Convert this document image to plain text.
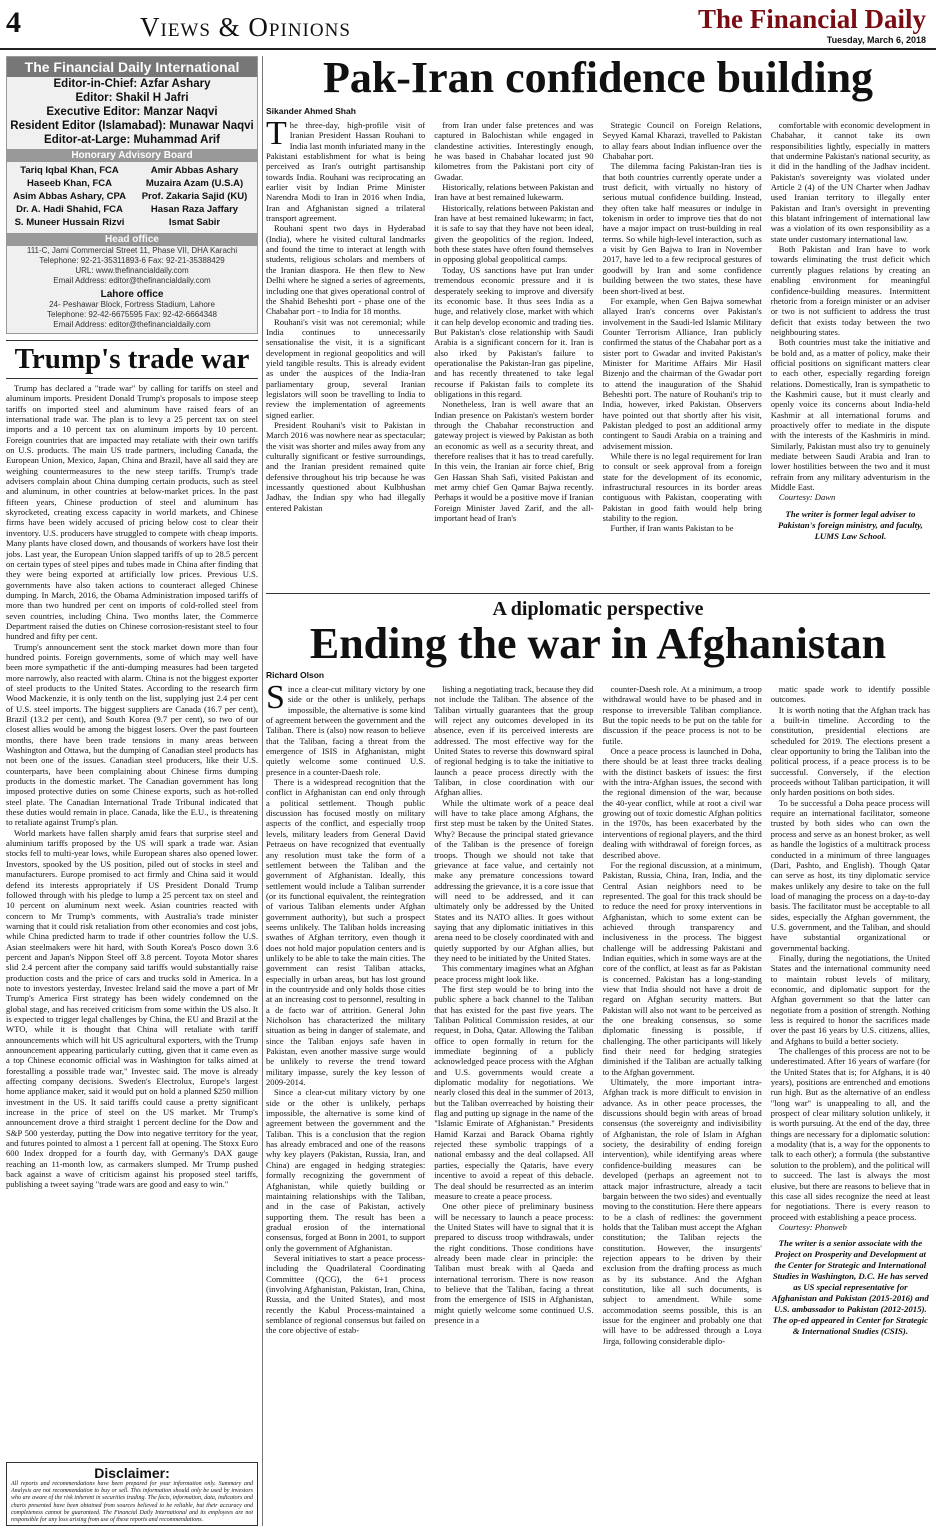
4	Views & Opinions	The Financial Daily
Tuesday, March 6, 2018
The Financial Daily International
Editor-in-Chief: Azfar Ashary
Editor: Shakil H Jafri
Executive Editor: Manzar Naqvi
Resident Editor (Islamabad): Munawar Naqvi
Editor-at-Large: Muhammad Arif
Honorary Advisory Board
Tariq Iqbal Khan, FCA	Amir Abbas Ashary
Haseeb Khan, FCA	Muzaira Azam (U.S.A)
Asim Abbas Ashary, CPA	Prof. Zakaria Sajid (KU)
Dr. A. Hadi Shahid, FCA	Hasan Raza Jaffary
S. Muneer Hussain Rizvi	Ismat Sabir
Head office
111-C, Jami Commercial Street 11, Phase VII, DHA Karachi
Telephone: 92-21-35311893-6 Fax: 92-21-35388429
URL: www.thefinancialdaily.com
Email Address: editor@thefinancialdaily.com
Lahore office
24- Peshawar Block, Fortress Stadium, Lahore
Telephone: 92-42-6675595 Fax: 92-42-6664348
Email Address: editor@thefinancialdaily.com
Trump's trade war

Trump has declared a "trade war" by calling for tariffs on steel and aluminum imports. President Donald Trump's proposals to impose steep tariffs on imported steel and aluminum have raised fears of an international trade war. The plan is to levy a 25 percent tax on steel imports and a 10 percent tax on aluminum imports by 10 percent. Foreign countries that are impacted may retaliate with their own tariffs on U.S. products. The main US trade partners, including Canada, the European Union, Mexico, Japan, China and Brazil, have all said they are weighing countermeasures to the new steep tariffs. Trump's trade advisers complain about China dumping certain products, such as steel and aluminum, in other countries at below-market prices. In the past fifteen years, Chinese production of steel and aluminum has skyrocketed, creating excess capacity in world markets, and Chinese firms have been widely accused of pricing below cost to clear their inventory. U.S. producers have struggled to compete with cheap imports. Many plants have closed down, and thousands of workers have lost their jobs. Last year, the European Union slapped tariffs of up to 28.5 percent on certain types of steel pipes and tubes made in China after finding that they were being exported at artificially low prices. Previous U.S. governments have also taken actions to counteract alleged Chinese dumping. In March, 2016, the Obama Administration imposed tariffs of more than two hundred per cent on imports of cold-rolled steel from seven countries, including China. Two months later, the Commerce Department raised the duties on Chinese corrosion-resistant steel to four hundred and fifty per cent.

Trump's announcement sent the stock market down more than four hundred points. Foreign governments, some of which may well have been more sympathetic if the anti-dumping measures had been targeted more narrowly, also reacted with alarm. China is not the biggest exporter of steel products to the United States. According to the research firm Wood Mackenzie, it is only tenth on the list, supplying just 2.4 per cent of U.S. steel imports. The biggest suppliers are Canada (16.7 per cent), Brazil (13.2 per cent), and South Korea (9.7 per cent), so two of our closest allies would be among the biggest losers. Over the past fourteen months, there have been trade tensions in many areas between Washington and Ottawa, but the dumping of Canadian steel products has not been one of the issues. Canadian steel producers, like their U.S. counterparts, have been complaining about Chinese firms dumping products in the domestic market. The Canadian government has long imposed protective duties on some Chinese exports, such as hot-rolled steel plate. The Canadian International Trade Tribunal indicated that these duties would remain in place. Canada, like the E.U., is threatening to retaliate against Trump's plan.

World markets have fallen sharply amid fears that surprise steel and aluminium tariffs proposed by the US will spark a trade war. Asian stocks fell to multi-year lows, while European shares also opened lower. Investors, spooked by the US position, piled out of stocks in steel and manufacturers. Europe promised to act firmly and China said it would defend its interests appropriately if US President Donald Trump followed through with his pledge to lump a 25 percent tax on steel and 10 percent on aluminum next week. Asian countries reacted with concern to Mr Trump's comments, with Australia's trade minister warning that it could risk retaliation from other economies and cost jobs, while China predicted harm to trade if other countries follow the U.S. Asian steelmakers were hit hard, with South Korea's Posco down 3.6 percent and Japan's Nippon Steel off 3.8 percent. Toyota Motor shares slid 2.4 percent after the company said tariffs would substantially raise production costs and the price of cars and trucks sold in America. In a note to investors yesterday, Investec Ireland said the move a part of Mr Trump's America First strategy has been widely condemned on the global stage, and has received criticism from some within the US also. It is expected to trigger legal challenges by China, the EU and Brazil at the WTO, while it is thought that China will retaliate with tariff announcements which will hit US agricultural exporters, with the Trump announcement appearing particularly cutting, given that it came even as a top Chinese economic official was in Washington for talks aimed at forestalling a possible trade war," Investec said. The move is already affecting company decisions. Sweden's Electrolux, Europe's largest home appliance maker, said it would put on hold a planned $250 million investment in the US. It said tariffs could cause a pretty significant increase in the price of steel on the US market. Mr Trump's announcement drove a third straight 1 percent decline for the Dow and S&P 500 yesterday, putting the Dow into negative territory for the year, and futures pointed to almost a 1 percent fall at opening. The Stoxx Euro 600 Index dropped for a fourth day, with Germany's DAX gauge reaching an 11-month low, as carmakers slumped. Mr Trump pushed back against a wave of criticism against his proposed steel tariffs, publishing a tweet saying "trade wars are good and easy to win."

Disclaimer:
All reports and recommendations have been prepared for your information only. Summary and Analysis are not recommendation to buy or sell. This information should only be used by investors who are aware of the risk inherent in securities trading. The facts, information, data, indicators and charts presented have been obtained from sources believed to be reliable, but their accuracy and completeness cannot be guaranteed. The Financial Daily International and its employees are not responsible for any loss arising from use of these reports and recommendations.
Pak-Iran confidence building
Sikander Ahmed Shah

The three-day, high-profile visit of Iranian President Hassan Rouhani to India last month infuriated many in the Pakistani establishment for what is being perceived as Iran's outright partisanship towards India. Rouhani was reciprocating an earlier visit by Indian Prime Minister Narendra Modi to Iran in 2016 when India, Iran and Afghanistan signed a trilateral transport agreement.

Rouhani spent two days in Hyderabad (India), where he visited cultural landmarks and found the time to interact at length with students, religious scholars and members of the Iranian diaspora. He then flew to New Delhi where he signed a series of agreements, including one that gives operational control of the Shahid Beheshti port - phase one of the Chabahar port - to India for 18 months.

Rouhani's visit was not ceremonial; while India continues to unnecessarily sensationalise the visit, it is a significant development in regional geopolitics and will yield tangible results. This is already evident as under the auspices of the India-Iran parliamentary group, several Iranian legislators will soon be travelling to India to review the implementation of agreements signed earlier.

President Rouhani's visit to Pakistan in March 2016 was nowhere near as spectacular; the visit was shorter and miles away from any culturally significant or festive surroundings, and the Iranian president remained quite defensive throughout his trip because he was incessantly questioned about Kulbhushan Jadhav, the Indian spy who had illegally entered Pakistan

from Iran under false pretences and was captured in Balochistan while engaged in clandestine activities. Interestingly enough, he was based in Chabahar located just 90 kilometres from the Pakistani port city of Gwadar.

Historically, relations between Pakistan and Iran have at best remained lukewarm.

Historically, relations between Pakistan and Iran have at best remained lukewarm; in fact, it is safe to say that they have not been ideal, given the geopolitics of the region. Indeed, both these states have often found themselves in opposing global geopolitical camps.

Today, US sanctions have put Iran under tremendous economic pressure and it is desperately seeking to improve and diversify its economic base. It thus sees India as a huge, and relatively close, market with which it can help develop economic and trading ties. But Pakistan's close relationship with Saudi Arabia is a significant concern for it. Iran is also irked by Pakistan's failure to operationalise the Pakistan-Iran gas pipeline, and has recently threatened to take legal recourse if Pakistan fails to complete its obligations in this regard.

Nonetheless, Iran is well aware that an Indian presence on Pakistan's western border through the Chabahar reconstruction and gateway project is viewed by Pakistan as both an economic as well as a security threat, and therefore realises that it has to tread carefully. In this vein, the Iranian air force chief, Brig Gen Hassan Shah Safi, visited Pakistan and met army chief Gen Qamar Bajwa recently. Perhaps it would be a positive move if Iranian Foreign Minister Javed Zarif, and the all-important head of Iran's

Strategic Council on Foreign Relations, Seyyed Kamal Kharazi, travelled to Pakistan to allay fears about Indian influence over the Chabahar port.

The dilemma facing Pakistan-Iran ties is that both countries currently operate under a trust deficit, with virtually no history of serious mutual confidence building. Instead, they often take half measures or indulge in tokenism in order to improve ties that do not have a major impact on trust-building in real terms. So while high-level interaction, such as a visit by Gen Bajwa to Iran in November 2017, have led to a few reciprocal gestures of goodwill by Iran and some confidence building between the two states, these have been short-lived at best.

For example, when Gen Bajwa somewhat allayed Iran's concerns over Pakistan's involvement in the Saudi-led Islamic Military Counter Terrorism Alliance, Iran publicly confirmed the status of the Chabahar port as a sister port to Gwadar and invited Pakistan's Minister for Maritime Affairs Mir Hasil Bizenjo and the chairman of the Gwadar port to attend the inauguration of the Shahid Beheshti port. The nature of Rouhani's trip to India, however, irked Pakistan. Observers have pointed out that shortly after his visit, Pakistan pledged to post an additional army contingent to Saudi Arabia on a training and advisement mission.

While there is no legal requirement for Iran to consult or seek approval from a foreign state for the development of its economic, infrastructural resources in its border areas contiguous with Pakistan, cooperating with Pakistan in good faith would help bring stability to the region.

Further, if Iran wants Pakistan to be

comfortable with economic development in Chabahar, it cannot take its own responsibilities lightly, especially in matters that undermine Pakistan's national security, as it did in the handling of the Jadhav incident. Pakistan's sovereignty was violated under Article 2 (4) of the UN Charter when Jadhav used Iranian territory to illegally enter Pakistan and Iran's oversight in preventing this blatant infringement of international law was a violation of its own responsibility as a state under customary international law.

Both Pakistan and Iran have to work towards eliminating the trust deficit which currently plagues relations by creating an enabling environment for meaningful confidence-building measures. Intermittent rhetoric from a foreign minister or an adviser or two is not sufficient to address the trust deficit that exists today between the two neighbouring states.

Both countries must take the initiative and be bold and, as a matter of policy, make their official positions on significant matters clear to each other, especially regarding foreign relations. Domestically, Iran is sympathetic to the Kashmiri cause, but it must clearly and openly voice its concerns about India-held Kashmir at all international forums and proactively offer to mediate in the dispute with the interests of the Kashmiris in mind. Similarly, Pakistan must also try to genuinely mediate between Saudi Arabia and Iran to lower hostilities between the two and it must refrain from any military adventurism in the Middle East.

Courtesy: Dawn

The writer is former legal adviser to Pakistan's foreign ministry, and faculty, LUMS Law School.
A diplomatic perspective
Ending the war in Afghanistan
Richard Olson

Since a clear-cut military victory by one side or the other is unlikely, perhaps impossible, the alternative is some kind of agreement between the government and the Taliban. There is (also) now reason to believe that the Taliban, facing a threat from the emergence of ISIS in Afghanistan, might quietly welcome some continued U.S. presence in a counter-Daesh role.

There is a widespread recognition that the conflict in Afghanistan can end only through a political settlement. Though public discussion has focused mostly on military aspects of the conflict, and especially troop levels, military leaders from General David Petraeus on have recognized that eventually any resolution must take the form of a settlement between the Taliban and the government of Afghanistan. Ideally, this settlement would include a Taliban surrender (or its functional equivalent, the reintegration of various Taliban elements under Afghan government authority), but such a prospect seems unlikely. The Taliban holds increasing swathes of Afghan territory, even though it does not hold major population centers and is unlikely to be able to take the main cities. The government can resist Taliban attacks, especially in urban areas, but has lost ground in the countryside and only holds those cities at an increasing cost to personnel, resulting in a de facto war of attrition. General John Nicholson has characterized the military situation as being in danger of stalemate, and since the Taliban enjoys safe haven in Pakistan, even another massive surge would be unlikely to reverse the trend toward military impasse, surely the key lesson of 2009-2014.

Since a clear-cut military victory by one side or the other is unlikely, perhaps impossible, the alternative is some kind of agreement between the government and the Taliban. This is a conclusion that the region has already embraced and one of the reasons why key players (Pakistan, Russia, Iran, and China) are engaged in hedging strategies: formally recognizing the government of Afghanistan, while quietly building or maintaining relationships with the Taliban, and in the case of Pakistan, actively supporting them. The result has been a gradual erosion of the international consensus, forged at Bonn in 2001, to support only the government of Afghanistan.

Several initiatives to start a peace process-including the Quadrilateral Coordinating Committee (QCG), the 6+1 process (involving Afghanistan, Pakistan, Iran, China, Russia, and the United States), and most recently the Kabul Process-maintained a semblance of regional consensus but failed on the core objective of estab-

lishing a negotiating track, because they did not include the Taliban. The absence of the Taliban virtually guarantees that the group will reject any outcomes developed in its absence, even if its perceived interests are addressed. The most effective way for the United States to reverse this downward spiral of regional hedging is to take the initiative to launch a peace process directly with the Taliban, in close coordination with our Afghan allies.

While the ultimate work of a peace deal will have to take place among Afghans, the first step must be taken by the United States. Why? Because the principal stated grievance of the Taliban is the presence of foreign troops. Though we should not take that grievance at face value, and certainly not make any premature concessions toward addressing the grievance, it is a core issue that will need to be addressed, and it can ultimately only be addressed by the United States and its NATO allies. It goes without saying that any diplomatic initiatives in this arena need to be closely coordinated with and quietly supported by our Afghan allies, but they need to be initiated by the United States.

This commentary imagines what an Afghan peace process might look like.

The first step would be to bring into the public sphere a back channel to the Taliban that has existed for the past five years. The Taliban Political Commission resides, at our request, in Doha, Qatar. Allowing the Taliban office to open formally in return for the immediate beginning of a publicly acknowledged peace process with the Afghan and U.S. governments would create a diplomatic modality for negotiations. We nearly closed this deal in the summer of 2013, but the Taliban overreached by hoisting their flag and putting up signage in the name of the "Islamic Emirate of Afghanistan." Presidents Hamid Karzai and Barack Obama rightly rejected these symbolic trappings of a national embassy and the deal collapsed. All parties, especially the Qataris, have every incentive to avoid a repeat of this debacle. The deal should be resurrected as an interim measure to create a peace process.

One other piece of preliminary business will be necessary to launch a peace process: the United States will have to signal that it is prepared to discuss troop withdrawals, under the right conditions. Those conditions have already been made clear in principle: the Taliban must break with al Qaeda and international terrorism. There is now reason to believe that the Taliban, facing a threat from the emergence of ISIS in Afghanistan, might quietly welcome some continued U.S. presence in a

counter-Daesh role. At a minimum, a troop withdrawal would have to be phased and in response to irreversible Taliban compliance. But the topic needs to be put on the table for discussion if the peace process is not to be futile.

Once a peace process is launched in Doha, there should be at least three tracks dealing with the distinct baskets of issues: the first with the intra-Afghan issues, the second with the regional dimension of the war, because the 40-year conflict, while at root a civil war growing out of toxic domestic Afghan politics in the 1970s, has been exacerbated by the interventions of regional players, and the third dealing with withdrawal of foreign forces, as described above.

For the regional discussion, at a minimum, Pakistan, Russia, China, Iran, India, and the Central Asian neighbors need to be represented. The goal for this track should be to reduce the need for proxy interventions in Afghanistan, which to some extent can be achieved through transparency and inclusiveness in the process. The biggest challenge will be addressing Pakistani and Indian equities, which in some ways are at the core of the conflict, at least as far as Pakistan is concerned. Pakistan has a long-standing view that India should not have a droit de regard on Afghan security matters. But Pakistan will also not want to be perceived as the one breaking consensus, so some diplomatic finessing is possible, if challenging. The other participants will likely find their need for hedging strategies diminished if the Taliban are actually talking to the Afghan government.

Ultimately, the more important intra-Afghan track is more difficult to envision in advance. As in other peace processes, the discussions should begin with areas of broad consensus (the sovereignty and indivisibility of Afghanistan, the role of Islam in Afghan society, the desirability of ending foreign intervention), while identifying areas where confidence-building measures can be developed (perhaps an agreement not to attack major infrastructure, already a tacit bargain between the two sides) and eventually moving to the constitution. Here there appears to be a clash of redlines: the government holds that the Taliban must accept the Afghan constitution; the Taliban rejects the constitution. However, the insurgents' rejection appears to be driven by their exclusion from the drafting process as much as by its substance. And the Afghan constitution, like all such documents, is subject to amendment. While some accommodation seems possible, this is an issue for the engineer and probably one that will have to be addressed through a Loya Jirga, following considerable diplo-

matic spade work to identify possible outcomes.

It is worth noting that the Afghan track has a built-in timeline. According to the constitution, presidential elections are scheduled for 2019. The elections present a clear opportunity to bring the Taliban into the political process, if a peace process is to be successful. Conversely, if the election proceeds without Taliban participation, it will only harden positions on both sides.

To be successful a Doha peace process will require an international facilitator, someone trusted by both sides who can own the process and serve as an honest broker, as well as handle the logistics of a multitrack process conducted in a minimum of three languages (Dari, Pashto, and English). Though Qatar can serve as host, its tiny diplomatic service makes unlikely any desire to take on the full load of managing the process on a day-to-day basis. The facilitator must be acceptable to all sides, especially the Afghan government, the U.S. government, and the Taliban, and should have substantial organizational or governmental backing.

Finally, during the negotiations, the United States and the international community need to maintain robust levels of military, economic, and diplomatic support for the Afghan government so that the latter can negotiate from a position of strength. Nothing less is required to honor the sacrifices made over the past 16 years by U.S. citizens, allies, and Afghans to build a better society.

The challenges of this process are not to be underestimated. After 16 years of warfare (for the United States that is; for Afghans, it is 40 years), positions are entrenched and emotions run high. But as the alternative of an endless "long war" is unappealing to all, and the prospect of clear military solution unlikely, it is worth pursuing. At the end of the day, three things are necessary for a diplomatic solution: a modality (that is, a way for the opponents to talk to each other); a formula (the substantive solution to the problem), and the political will to succeed. The last is always the most elusive, but there are reasons to believe that in this case all sides recognize the need at least for negotiations. There is every reason to proceed with establishing a peace process.

Courtesy: Phonweb

The writer is a senior associate with the Project on Prosperity and Development at the Center for Strategic and International Studies in Washington, D.C. He has served as US special representative for Afghanistan and Pakistan (2015-2016) and U.S. ambassador to Pakistan (2012-2015). The op-ed appeared in Center for Strategic & International Studies (CSIS).
